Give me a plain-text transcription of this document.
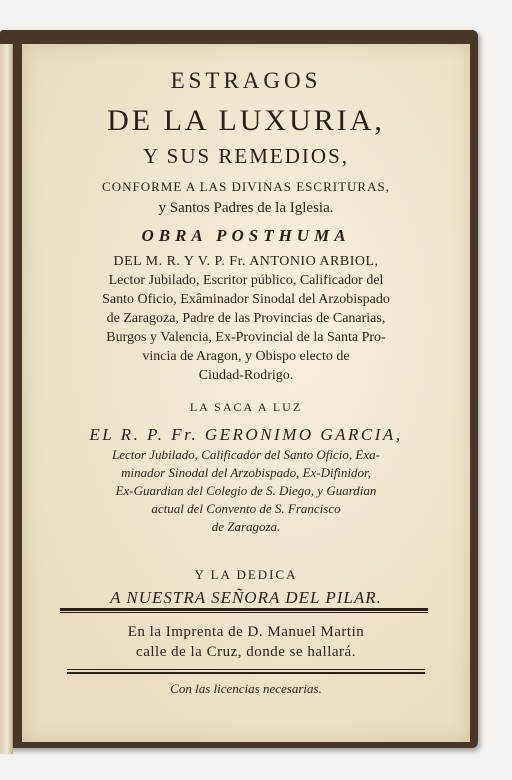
ESTRAGOS
DE LA LUXURIA,
Y SUS REMEDIOS,
CONFORME A LAS DIVINAS ESCRITURAS,
y Santos Padres de la Iglesia.
OBRA POSTHUMA
DEL M. R. Y V. P. Fr. ANTONIO ARBIOL,
Lector Jubilado, Escritor público, Calificador del
Santo Oficio, Exâminador Sinodal del Arzobispado
de Zaragoza, Padre de las Provincias de Canarias,
Burgos y Valencia, Ex-Provincial de la Santa Pro-
vincia de Aragon, y Obispo electo de
Ciudad-Rodrigo.
LA SACA A LUZ
EL R. P. Fr. GERONIMO GARCIA,
Lector Jubilado, Calificador del Santo Oficio, Exa-
minador Sinodal del Arzobispado, Ex-Difinidor,
Ex-Guardian del Colegio de S. Diego, y Guardian
actual del Convento de S. Francisco
de Zaragoza.
Y LA DEDICA
A NUESTRA SEÑORA DEL PILAR.
En la Imprenta de D. Manuel Martin
calle de la Cruz, donde se hallará.
Con las licencias necesarias.
